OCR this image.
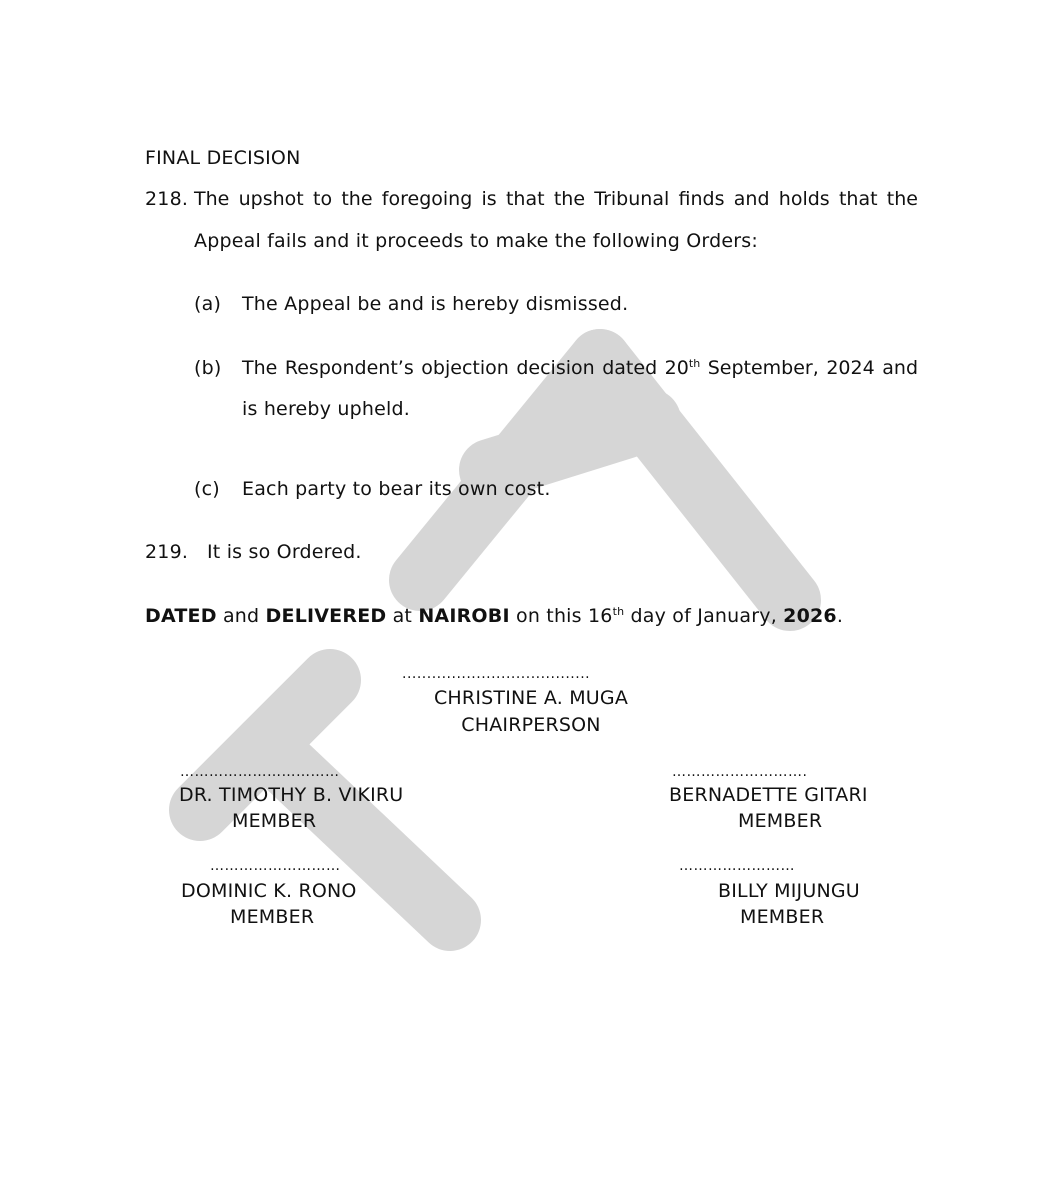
FINAL DECISION
218. The upshot to the foregoing is that the Tribunal finds and holds that the
Appeal fails and it proceeds to make the following Orders:
(a) The Appeal be and is hereby dismissed.
(b) The Respondent’s objection decision dated 20th September, 2024 and
is hereby upheld.
(c) Each party to bear its own cost.
219. It is so Ordered.
DATED and DELIVERED at NAIROBI on this 16th day of January, 2026.
......................................
CHRISTINE A. MUGA
CHAIRPERSON
……………………………
DR. TIMOTHY B. VIKIRU
MEMBER
……………………….
BERNADETTE GITARI
MEMBER
………………………
DOMINIC K. RONO
MEMBER
……………………
BILLY MIJUNGU
MEMBER
